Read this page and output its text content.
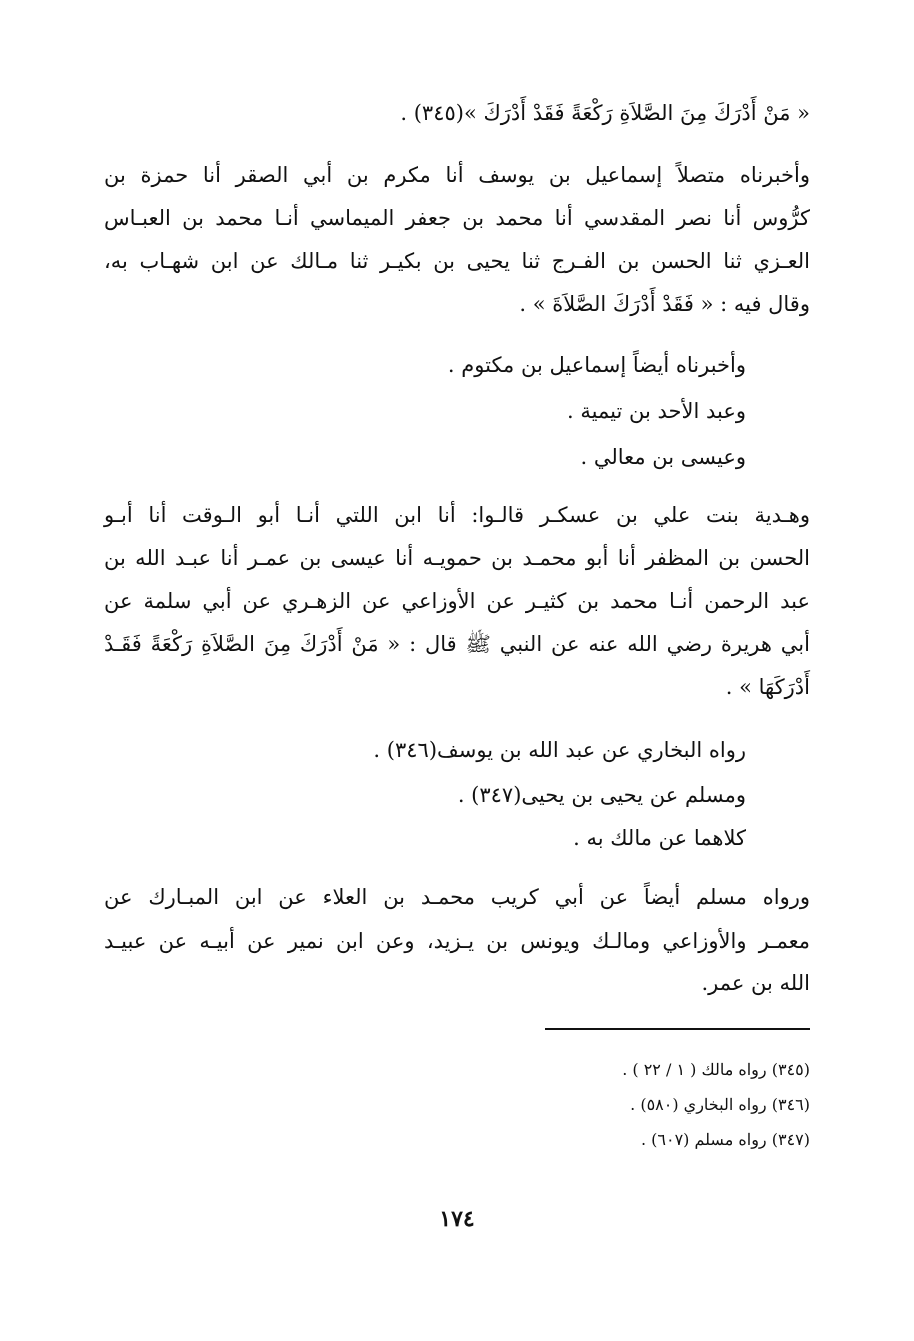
« مَنْ أَدْرَكَ مِنَ الصَّلاَةِ رَكْعَةً فَقَدْ أَدْرَكَ »(٣٤٥) .
وأخبرناه متصلاً إسماعيل بن يوسف أنا مكرم بن أبي الصقر أنا حمزة بن
كرُّوس أنا نصر المقدسي أنا محمد بن جعفر الميماسي أنـا محمد بن العبـاس
العـزي ثنا الحسن بن الفـرج ثنا يحيى بن بكيـر ثنا مـالك عن ابن شهـاب به،
وقال فيه : « فَقَدْ أَدْرَكَ الصَّلاَةَ » .
وأخبرناه أيضاً إسماعيل بن مكتوم .
وعبد الأحد بن تيمية .
وعيسى بن معالي .
وهـدية بنت علي بن عسكـر قالـوا: أنا ابن اللتي أنـا أبو الـوقت أنا أبـو
الحسن بن المظفر أنا أبو محمـد بن حمويـه أنا عيسى بن عمـر أنا عبـد الله بن
عبد الرحمن أنـا محمد بن كثيـر عن الأوزاعي عن الزهـري عن أبي سلمة عن
أبي هريرة رضي الله عنه عن النبي ﷺ قال : « مَنْ أَدْرَكَ مِنَ الصَّلاَةِ رَكْعَةً فَقَـدْ
أَدْرَكَهَا » .
رواه البخاري عن عبد الله بن يوسف(٣٤٦) .
ومسلم عن يحيى بن يحيى(٣٤٧) .
كلاهما عن مالك به .
ورواه مسلم أيضاً عن أبي كريب محمـد بن العلاء عن ابن المبـارك عن
معمـر والأوزاعي ومالـك ويونس بن يـزيد، وعن ابن نمير عن أبيـه عن عبيـد
الله بن عمر.
(٣٤٥) رواه مالك ( ١ / ٢٢ ) .
(٣٤٦) رواه البخاري (٥٨٠) .
(٣٤٧) رواه مسلم (٦٠٧) .
١٧٤
